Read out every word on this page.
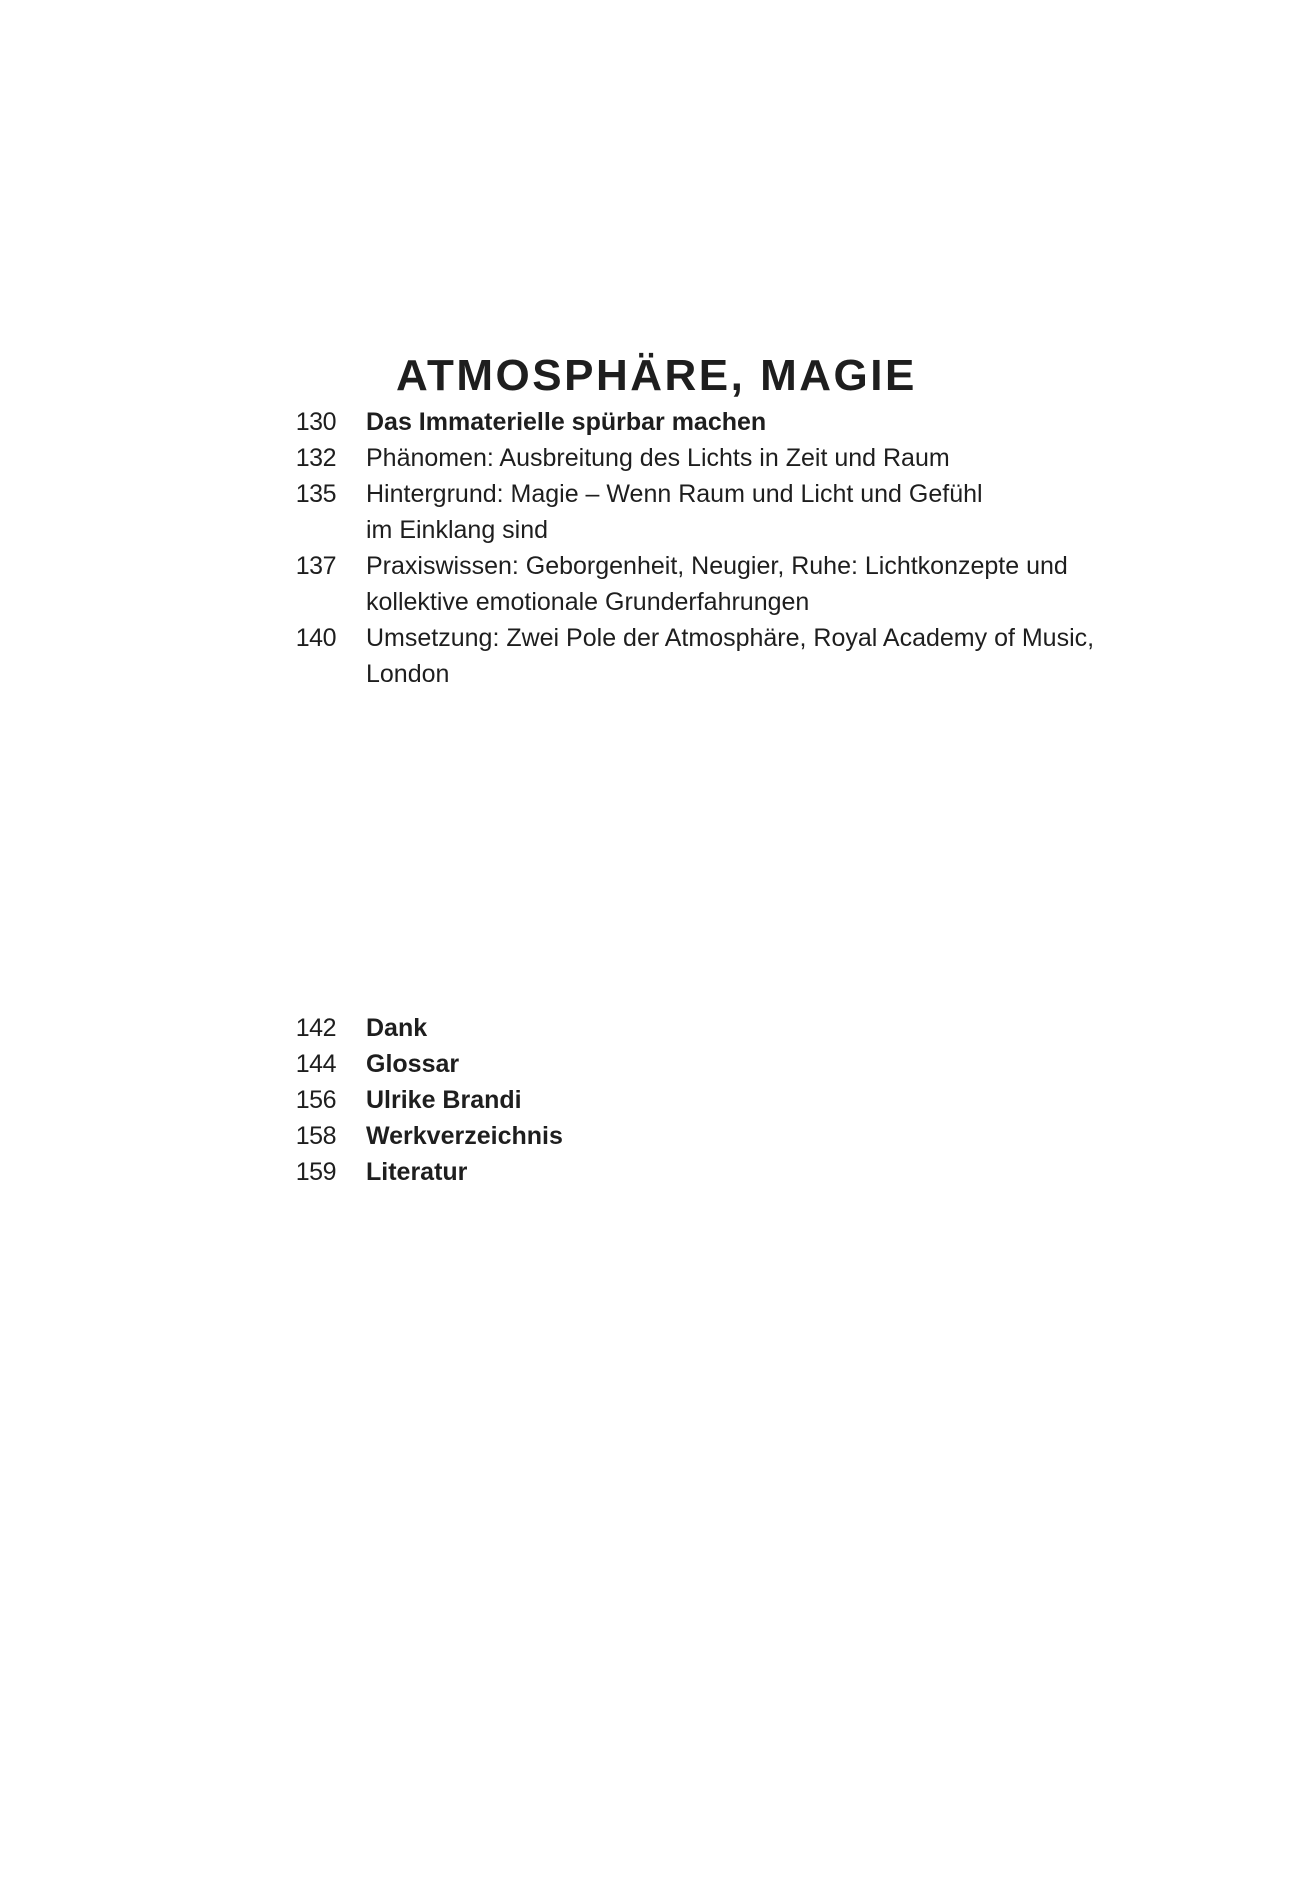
ATMOSPHÄRE, MAGIE
130	Das Immaterielle spürbar machen
132	Phänomen: Ausbreitung des Lichts in Zeit und Raum
135	Hintergrund: Magie – Wenn Raum und Licht und Gefühl
im Einklang sind
137	Praxiswissen: Geborgenheit, Neugier, Ruhe: Lichtkonzepte und
kollektive emotionale Grunderfahrungen
140	Umsetzung: Zwei Pole der Atmosphäre, Royal Academy of Music,
London
142	Dank
144	Glossar
156	Ulrike Brandi
158	Werkverzeichnis
159	Literatur
